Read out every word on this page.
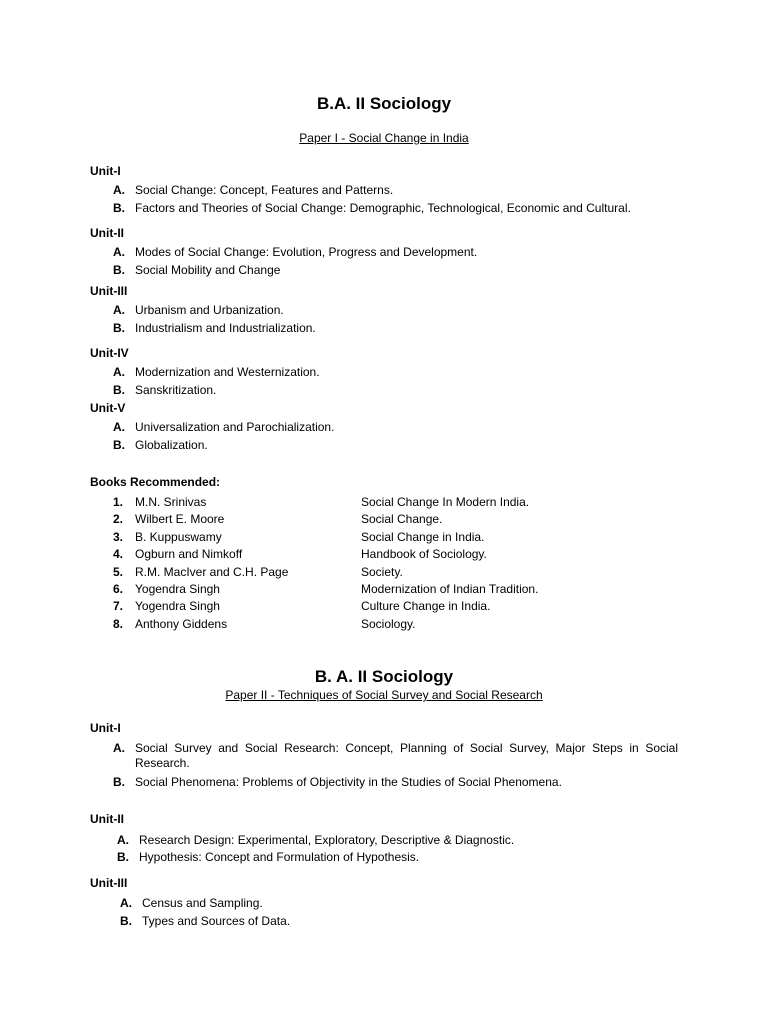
B.A. II Sociology
Paper I - Social Change in India
Unit-I
A. Social Change: Concept, Features and Patterns.
B. Factors and Theories of Social Change: Demographic, Technological, Economic and Cultural.
Unit-II
A. Modes of Social Change: Evolution, Progress and Development.
B. Social Mobility and Change
Unit-III
A. Urbanism and Urbanization.
B. Industrialism and Industrialization.
Unit-IV
A. Modernization and Westernization.
B. Sanskritization.
Unit-V
A. Universalization and Parochialization.
B. Globalization.
Books Recommended:
1. M.N. Srinivas	Social Change In Modern India.
2. Wilbert E. Moore	Social Change.
3. B. Kuppuswamy	Social Change in India.
4. Ogburn and Nimkoff	Handbook of Sociology.
5. R.M. MacIver and C.H. Page	Society.
6. Yogendra Singh	Modernization of Indian Tradition.
7. Yogendra Singh	Culture Change in India.
8. Anthony Giddens	Sociology.
B. A. II Sociology
Paper II - Techniques of Social Survey and Social Research
Unit-I
A. Social Survey and Social Research: Concept, Planning of Social Survey, Major Steps in Social Research.
B. Social Phenomena: Problems of Objectivity in the Studies of Social Phenomena.
Unit-II
A. Research Design: Experimental, Exploratory, Descriptive & Diagnostic.
B. Hypothesis: Concept and Formulation of Hypothesis.
Unit-III
A. Census and Sampling.
B. Types and Sources of Data.
